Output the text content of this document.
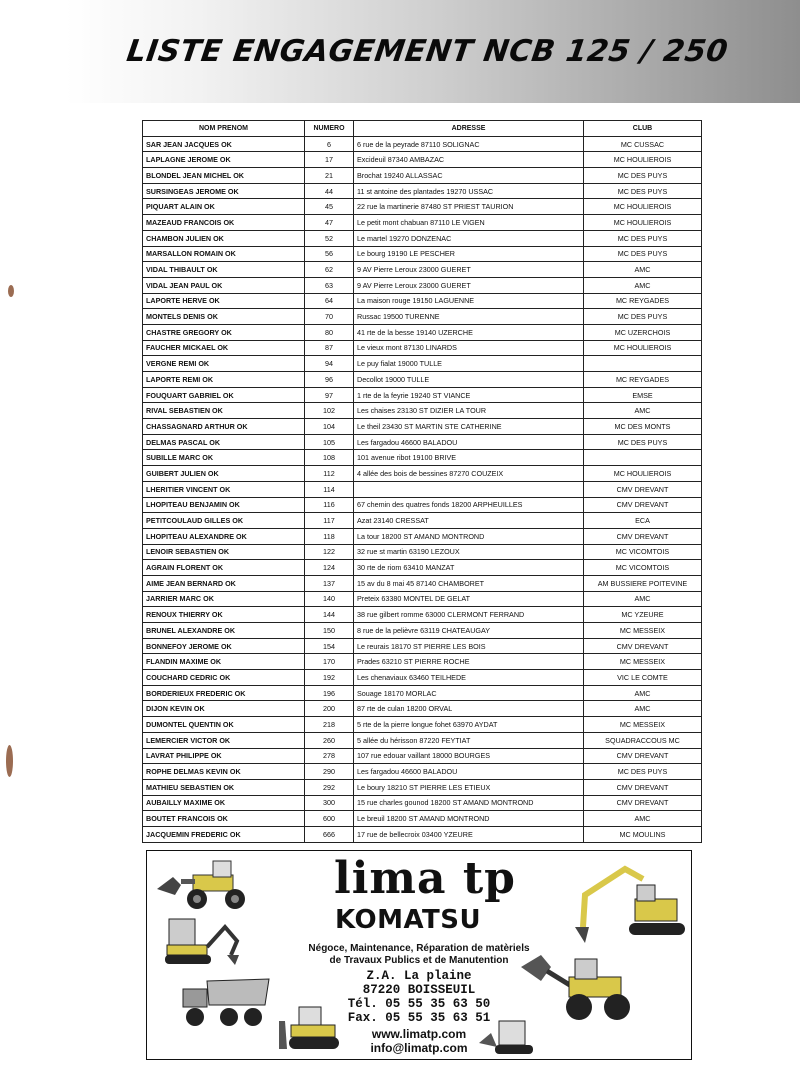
LISTE ENGAGEMENT NCB 125 / 250
NOM PRENOM	NUMERO	ADRESSE	CLUB
SAR JEAN JACQUES OK	6	6 rue de la peyrade 87110 SOLIGNAC	MC CUSSAC
LAPLAGNE JEROME OK	17	Excideuil 87340 AMBAZAC	MC HOULIEROIS
BLONDEL JEAN MICHEL OK	21	Brochat 19240 ALLASSAC	MC DES PUYS
SURSINGEAS JEROME OK	44	11 st antoine des plantades 19270 USSAC	MC DES PUYS
PIQUART ALAIN OK	45	22 rue la martinerie 87480 ST PRIEST TAURION	MC HOULIEROIS
MAZEAUD FRANCOIS OK	47	Le petit mont chabuan 87110 LE VIGEN	MC HOULIEROIS
CHAMBON JULIEN OK	52	Le martel 19270 DONZENAC	MC DES PUYS
MARSALLON ROMAIN OK	56	Le bourg 19190 LE PESCHER	MC DES PUYS
VIDAL THIBAULT OK	62	9 AV Pierre Leroux 23000 GUERET	AMC
VIDAL JEAN PAUL OK	63	9 AV Pierre Leroux 23000 GUERET	AMC
LAPORTE HERVE OK	64	La maison rouge 19150 LAGUENNE	MC REYGADES
MONTELS DENIS OK	70	Russac 19500 TURENNE	MC DES PUYS
CHASTRE GREGORY OK	80	41 rte de la besse 19140 UZERCHE	MC UZERCHOIS
FAUCHER MICKAEL OK	87	Le vieux mont 87130 LINARDS	MC HOULIEROIS
VERGNE REMI OK	94	Le puy fialat 19000 TULLE	
LAPORTE REMI OK	96	Decollot 19000 TULLE	MC REYGADES
FOUQUART GABRIEL OK	97	1 rte de la feyrie 19240 ST VIANCE	EMSE
RIVAL SEBASTIEN OK	102	Les chaises 23130 ST DIZIER LA TOUR	AMC
CHASSAGNARD ARTHUR OK	104	Le theil 23430 ST MARTIN STE CATHERINE	MC DES MONTS
DELMAS PASCAL OK	105	Les fargadou 46600 BALADOU	MC DES PUYS
SUBILLE MARC OK	108	101 avenue ribot 19100 BRIVE	
GUIBERT JULIEN OK	112	4 allée des bois de bessines 87270 COUZEIX	MC HOULIEROIS
LHERITIER VINCENT OK	114		CMV DREVANT
LHOPITEAU BENJAMIN OK	116	67 chemin des quatres fonds 18200 ARPHEUILLES	CMV DREVANT
PETITCOULAUD GILLES OK	117	Azat 23140 CRESSAT	ECA
LHOPITEAU ALEXANDRE OK	118	La tour 18200 ST AMAND MONTROND	CMV DREVANT
LENOIR SEBASTIEN OK	122	32 rue st martin 63190 LEZOUX	MC VICOMTOIS
AGRAIN FLORENT OK	124	30 rte de riom 63410 MANZAT	MC VICOMTOIS
AIME JEAN BERNARD OK	137	15 av du 8 mai 45 87140 CHAMBORET	AM BUSSIERE POITEVINE
JARRIER MARC OK	140	Preteix 63380 MONTEL DE GELAT	AMC
RENOUX THIERRY OK	144	38 rue gilbert romme 63000 CLERMONT FERRAND	MC YZEURE
BRUNEL ALEXANDRE OK	150	8 rue de la pelièvre 63119 CHATEAUGAY	MC MESSEIX
BONNEFOY JEROME OK	154	Le reurais 18170 ST PIERRE LES BOIS	CMV DREVANT
FLANDIN MAXIME OK	170	Prades 63210 ST PIERRE ROCHE	MC MESSEIX
COUCHARD CEDRIC OK	192	Les chenaviaux 63460 TEILHEDE	VIC LE COMTE
BORDERIEUX FREDERIC OK	196	Souage 18170 MORLAC	AMC
DIJON KEVIN OK	200	87 rte de culan 18200 ORVAL	AMC
DUMONTEL QUENTIN OK	218	5 rte de la pierre longue fohet 63970 AYDAT	MC MESSEIX
LEMERCIER VICTOR OK	260	5 allée du hérisson 87220 FEYTIAT	SQUADRACCOUS MC
LAVRAT PHILIPPE OK	278	107 rue edouar vaillant 18000 BOURGES	CMV DREVANT
ROPHE DELMAS KEVIN OK	290	Les fargadou 46600 BALADOU	MC DES PUYS
MATHIEU SEBASTIEN OK	292	Le boury 18210 ST PIERRE LES ETIEUX	CMV DREVANT
AUBAILLY MAXIME OK	300	15 rue charles gounod 18200 ST AMAND MONTROND	CMV DREVANT
BOUTET FRANCOIS OK	600	Le breuil 18200 ST AMAND MONTROND	AMC
JACQUEMIN FREDERIC OK	666	17 rue de bellecroix 03400 YZEURE	MC MOULINS
lima tp
KOMATSU
Négoce, Maintenance, Réparation de matèriels
de Travaux Publics et de Manutention
Z.A. La plaine
87220 BOISSEUIL
Tél. 05 55 35 63 50
Fax. 05 55 35 63 51
www.limatp.com
info@limatp.com
